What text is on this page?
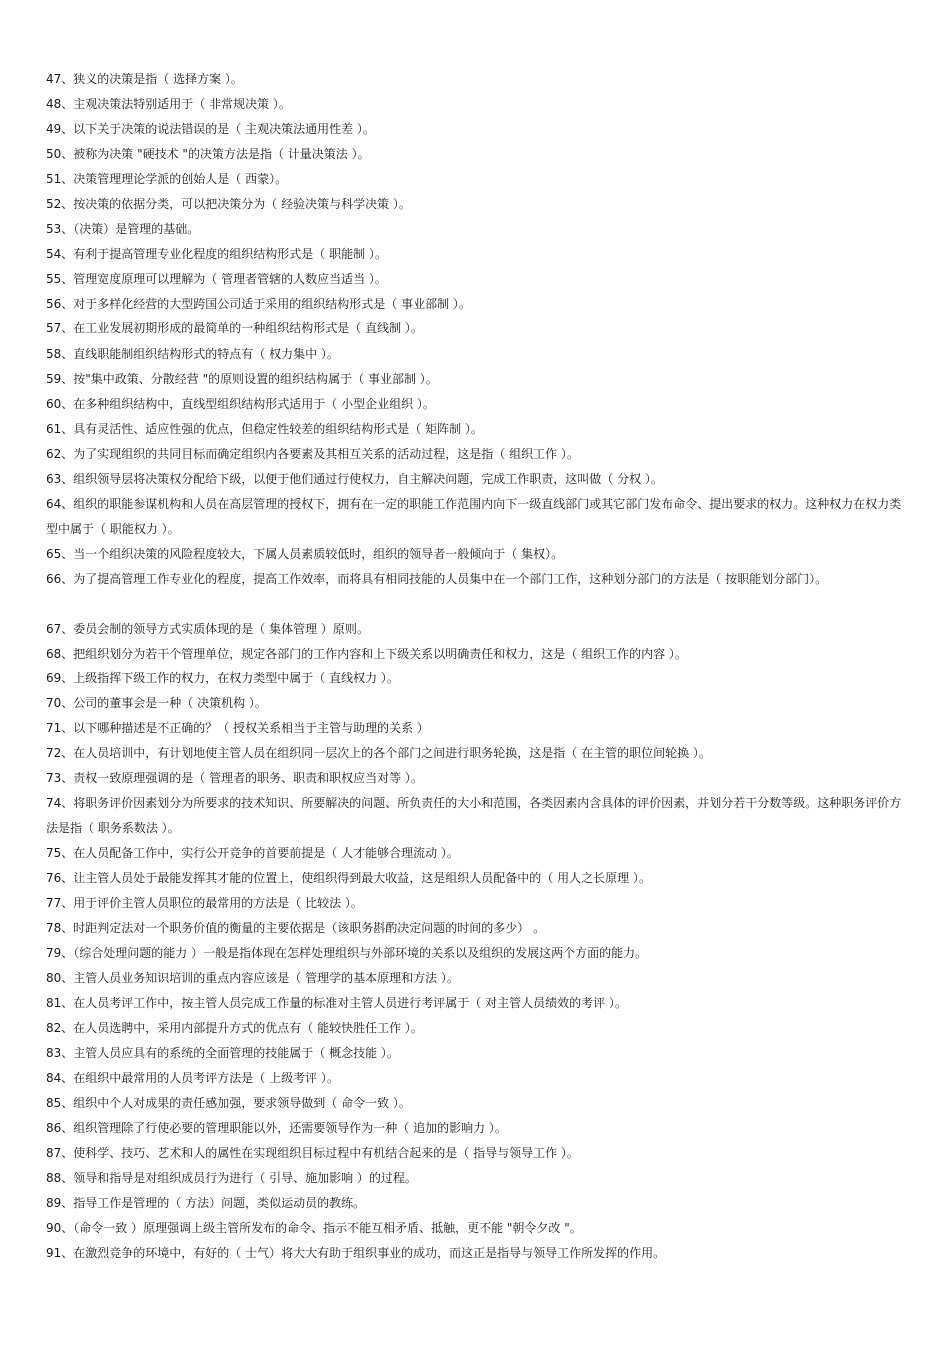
47、狭义的决策是指（ 选择方案 ）。
48、主观决策法特别适用于（ 非常规决策 ）。
49、以下关于决策的说法错误的是（ 主观决策法通用性差 ）。
50、被称为决策 "硬技术 "的决策方法是指（ 计量决策法 ）。
51、决策管理理论学派的创始人是（ 西蒙）。
52、按决策的依据分类，可以把决策分为（ 经验决策与科学决策 ）。
53、（决策）是管理的基础。
54、有利于提高管理专业化程度的组织结构形式是（ 职能制 ）。
55、管理宽度原理可以理解为（ 管理者管辖的人数应当适当 ）。
56、对于多样化经营的大型跨国公司适于采用的组织结构形式是（ 事业部制 ）。
57、在工业发展初期形成的最简单的一种组织结构形式是（ 直线制 ）。
58、直线职能制组织结构形式的特点有（ 权力集中 ）。
59、按"集中政策、分散经营 "的原则设置的组织结构属于（ 事业部制 ）。
60、在多种组织结构中，直线型组织结构形式适用于（ 小型企业组织 ）。
61、具有灵活性、适应性强的优点，但稳定性较差的组织结构形式是（ 矩阵制 ）。
62、为了实现组织的共同目标而确定组织内各要素及其相互关系的活动过程，这是指（ 组织工作 ）。
63、组织领导层将决策权分配给下级，以便于他们通过行使权力，自主解决问题，完成工作职责，这叫做（ 分权 ）。
64、组织的职能参谋机构和人员在高层管理的授权下，拥有在一定的职能工作范围内向下一级直线部门或其它部门发布命令、提出要求的权力。这种权力在权力类型中属于（ 职能权力 ）。
65、当一个组织决策的风险程度较大，下属人员素质较低时，组织的领导者一般倾向于（ 集权）。
66、为了提高管理工作专业化的程度，提高工作效率，而将具有相同技能的人员集中在一个部门工作，这种划分部门的方法是（ 按职能划分部门）。
67、委员会制的领导方式实质体现的是（ 集体管理 ）原则。
68、把组织划分为若干个管理单位，规定各部门的工作内容和上下级关系以明确责任和权力，这是（ 组织工作的内容 ）。
69、上级指挥下级工作的权力，在权力类型中属于（ 直线权力 ）。
70、公司的董事会是一种（ 决策机构 ）。
71、以下哪种描述是不正确的？（ 授权关系相当于主管与助理的关系 ）
72、在人员培训中，有计划地使主管人员在组织同一层次上的各个部门之间进行职务轮换，这是指（ 在主管的职位间轮换 ）。
73、责权一致原理强调的是（ 管理者的职务、职责和职权应当对等 ）。
74、将职务评价因素划分为所要求的技术知识、所要解决的问题、所负责任的大小和范围，各类因素内含具体的评价因素，并划分若干分数等级。这种职务评价方法是指（ 职务系数法 ）。
75、在人员配备工作中，实行公开竞争的首要前提是（ 人才能够合理流动 ）。
76、让主管人员处于最能发挥其才能的位置上，使组织得到最大收益，这是组织人员配备中的（ 用人之长原理 ）。
77、用于评价主管人员职位的最常用的方法是（ 比较法 ）。
78、时距判定法对一个职务价值的衡量的主要依据是（该职务斟酌决定问题的时间的多少） 。
79、（综合处理问题的能力 ）一般是指体现在怎样处理组织与外部环境的关系以及组织的发展这两个方面的能力。
80、主管人员业务知识培训的重点内容应该是（ 管理学的基本原理和方法 ）。
81、在人员考评工作中，按主管人员完成工作量的标准对主管人员进行考评属于（ 对主管人员绩效的考评 ）。
82、在人员选聘中，采用内部提升方式的优点有（ 能较快胜任工作 ）。
83、主管人员应具有的系统的全面管理的技能属于（ 概念技能 ）。
84、在组织中最常用的人员考评方法是（ 上级考评 ）。
85、组织中个人对成果的责任感加强，要求领导做到（ 命令一致 ）。
86、组织管理除了行使必要的管理职能以外，还需要领导作为一种（ 追加的影响力 ）。
87、使科学、技巧、艺术和人的属性在实现组织目标过程中有机结合起来的是（ 指导与领导工作 ）。
88、领导和指导是对组织成员行为进行（ 引导、施加影响 ）的过程。
89、指导工作是管理的（ 方法）问题，类似运动员的教练。
90、（命令一致 ）原理强调上级主管所发布的命令、指示不能互相矛盾、抵触，更不能 "朝令夕改 "。
91、在激烈竞争的环境中，有好的（ 士气）将大大有助于组织事业的成功，而这正是指导与领导工作所发挥的作用。
